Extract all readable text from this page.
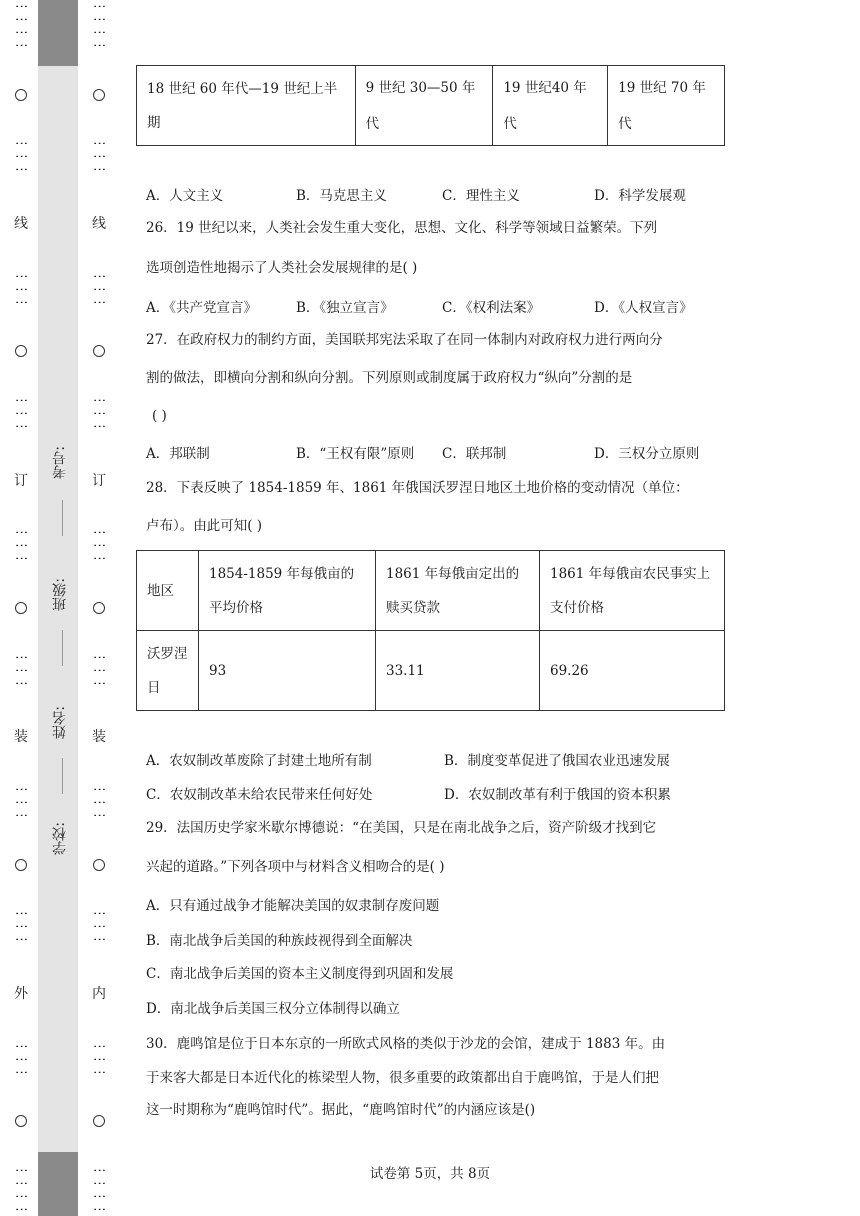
⋮⋮⋮⋮
⋮⋮⋮
线
⋮⋮⋮
⋮⋮⋮
订
⋮⋮⋮
⋮⋮⋮
装
⋮⋮⋮
⋮⋮⋮
外
⋮⋮⋮
⋮⋮⋮⋮
⋮⋮⋮⋮
⋮⋮⋮
线
⋮⋮⋮
⋮⋮⋮
订
⋮⋮⋮
⋮⋮⋮
装
⋮⋮⋮
⋮⋮⋮
内
⋮⋮⋮
⋮⋮⋮⋮
考号:
班级:
姓名:
学校:
18 世纪 60 年代—19 世纪上半期	9 世纪 30—50 年代	19 世纪40 年代	19 世纪 70 年代
A．人文主义	B．马克思主义	C．理性主义	D．科学发展观
26．19 世纪以来，人类社会发生重大变化，思想、文化、科学等领域日益繁荣。下列
选项创造性地揭示了人类社会发展规律的是( )
A．《共产党宣言》	B．《独立宣言》	C．《权利法案》	D．《人权宣言》
27．在政府权力的制约方面，美国联邦宪法采取了在同一体制内对政府权力进行两向分
割的做法，即横向分割和纵向分割。下列原则或制度属于政府权力“纵向”分割的是
( )
A．邦联制	B．“王权有限”原则 C．联邦制	D．三权分立原则
28．下表反映了 1854-1859 年、1861 年俄国沃罗涅日地区土地价格的变动情况（单位：
卢布）。由此可知( )
地区	1854-1859 年每俄亩的平均价格	1861 年每俄亩定出的赎买贷款	1861 年每俄亩农民事实上支付价格
沃罗涅日	93	33.11	69.26
A．农奴制改革废除了封建土地所有制	B．制度变革促进了俄国农业迅速发展
C．农奴制改革未给农民带来任何好处	D．农奴制改革有利于俄国的资本积累
29．法国历史学家米歇尔博德说：“在美国，只是在南北战争之后，资产阶级才找到它
兴起的道路。”下列各项中与材料含义相吻合的是( )
A．只有通过战争才能解决美国的奴隶制存废问题
B．南北战争后美国的种族歧视得到全面解决
C．南北战争后美国的资本主义制度得到巩固和发展
D．南北战争后美国三权分立体制得以确立
30．鹿鸣馆是位于日本东京的一所欧式风格的类似于沙龙的会馆，建成于 1883 年。由
于来客大都是日本近代化的栋梁型人物，很多重要的政策都出自于鹿鸣馆，于是人们把
这一时期称为“鹿鸣馆时代”。据此，“鹿鸣馆时代”的内涵应该是()
试卷第 5页，共 8页
